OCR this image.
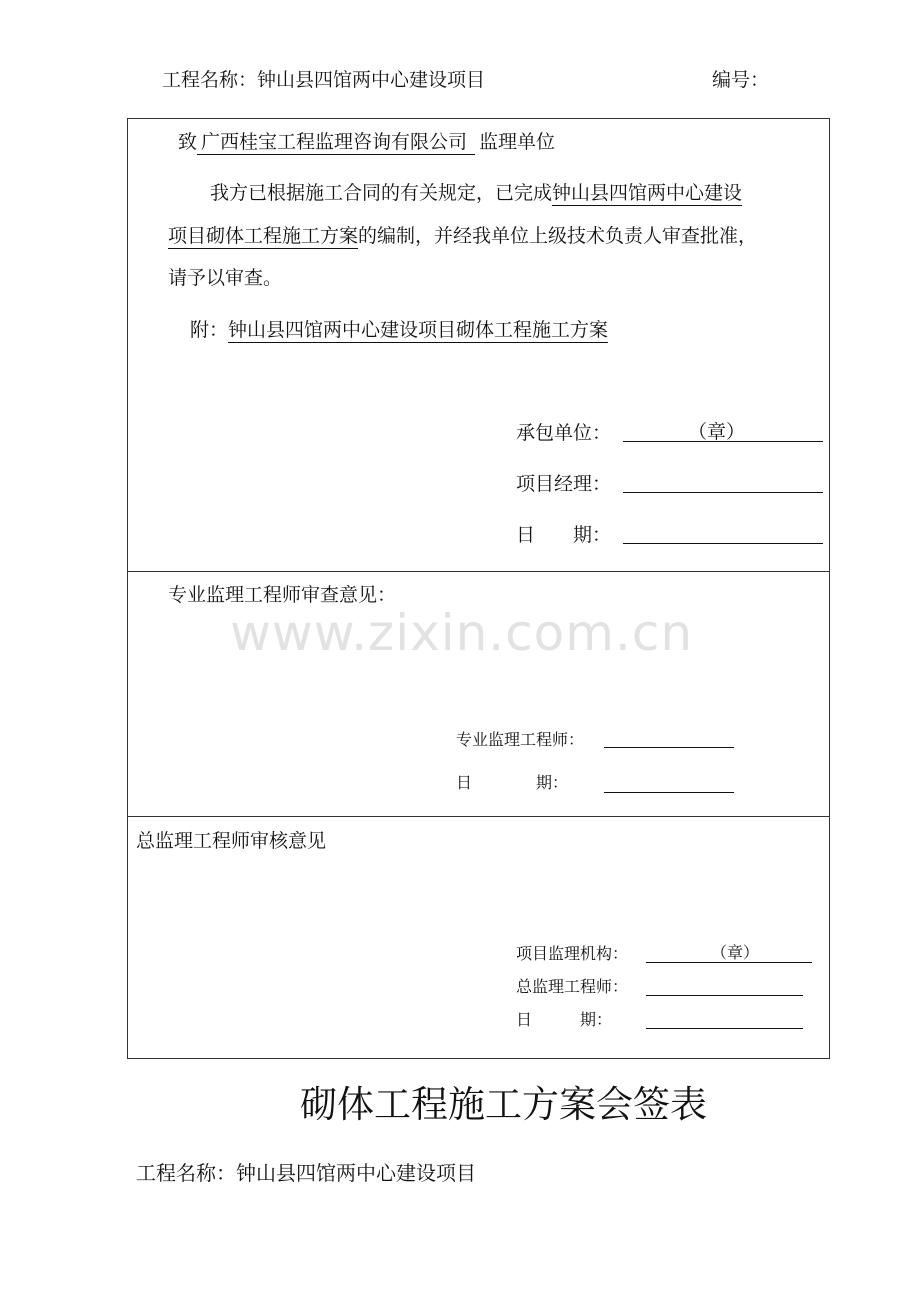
工程名称：钟山县四馆两中心建设项目	编号：
www.zixin.com.cn
致 广西桂宝工程监理咨询有限公司 监理单位
我方已根据施工合同的有关规定，已完成钟山县四馆两中心建设
项目砌体工程施工方案的编制，并经我单位上级技术负责人审查批准，
请予以审查。
附：钟山县四馆两中心建设项目砌体工程施工方案
承包单位：	（章）
项目经理：
日　　期：
专业监理工程师审查意见：
专业监理工程师：
日　　　　期：
总监理工程师审核意见
项目监理机构：	（章）
总监理工程师：
日　　　期：
砌体工程施工方案会签表
工程名称：钟山县四馆两中心建设项目
